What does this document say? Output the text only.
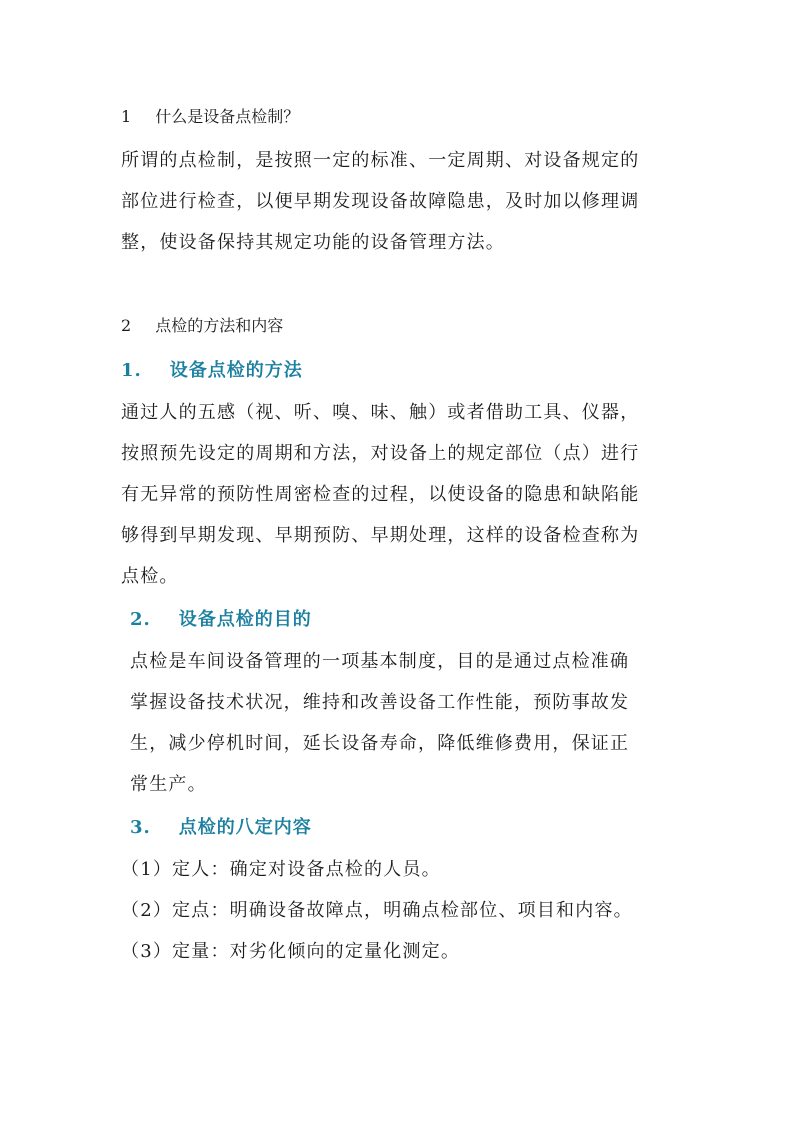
1 什么是设备点检制？
所谓的点检制，是按照一定的标准、一定周期、对设备规定的
部位进行检查，以便早期发现设备故障隐患，及时加以修理调
整，使设备保持其规定功能的设备管理方法。
2 点检的方法和内容
1. 设备点检的方法
通过人的五感（视、听、嗅、味、触）或者借助工具、仪器，
按照预先设定的周期和方法，对设备上的规定部位（点）进行
有无异常的预防性周密检查的过程，以使设备的隐患和缺陷能
够得到早期发现、早期预防、早期处理，这样的设备检查称为
点检。
2. 设备点检的目的
点检是车间设备管理的一项基本制度，目的是通过点检准确
掌握设备技术状况，维持和改善设备工作性能，预防事故发
生，减少停机时间，延长设备寿命，降低维修费用，保证正
常生产。
3. 点检的八定内容
（1）定人：确定对设备点检的人员。
（2）定点：明确设备故障点，明确点检部位、项目和内容。
（3）定量：对劣化倾向的定量化测定。
